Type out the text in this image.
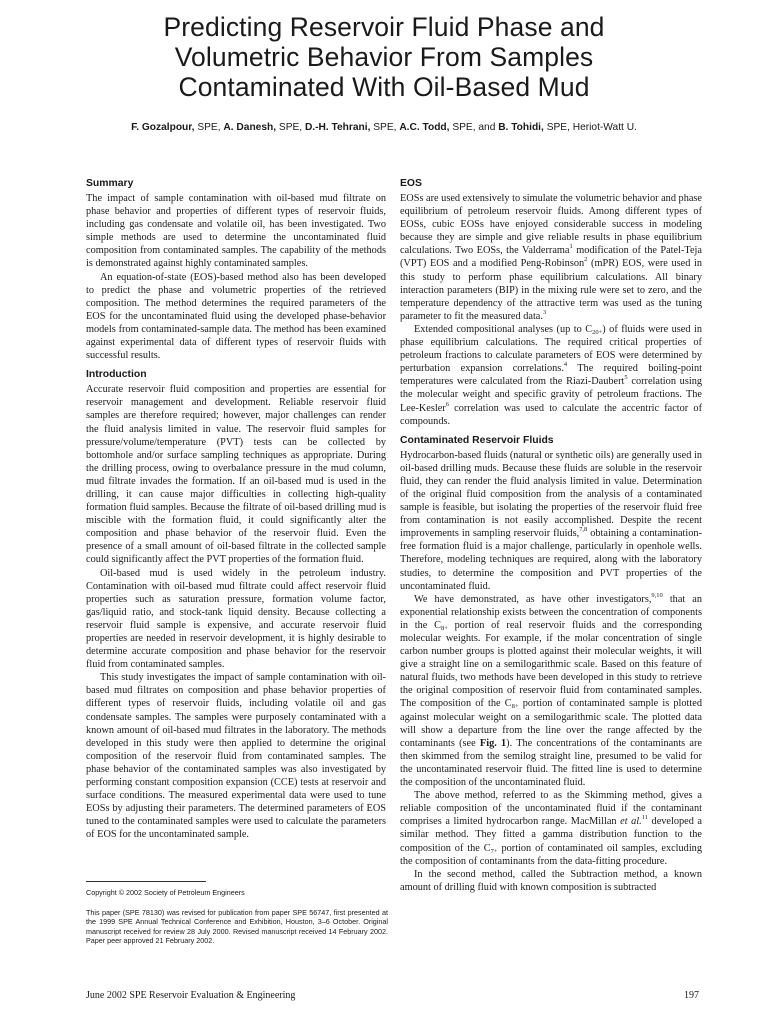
Predicting Reservoir Fluid Phase and
Volumetric Behavior From Samples
Contaminated With Oil-Based Mud
F. Gozalpour, SPE, A. Danesh, SPE, D.-H. Tehrani, SPE, A.C. Todd, SPE, and B. Tohidi, SPE, Heriot-Watt U.
Summary

The impact of sample contamination with oil-based mud filtrate on phase behavior and properties of different types of reservoir fluids, including gas condensate and volatile oil, has been investigated. Two simple methods are used to determine the uncontaminated fluid composition from contaminated samples. The capability of the methods is demonstrated against highly contaminated samples.

An equation-of-state (EOS)-based method also has been developed to predict the phase and volumetric properties of the retrieved composition. The method determines the required parameters of the EOS for the uncontaminated fluid using the developed phase-behavior models from contaminated-sample data. The method has been examined against experimental data of different types of reservoir fluids with successful results.

Introduction

Accurate reservoir fluid composition and properties are essential for reservoir management and development. Reliable reservoir fluid samples are therefore required; however, major challenges can render the fluid analysis limited in value. The reservoir fluid samples for pressure/volume/temperature (PVT) tests can be collected by bottomhole and/or surface sampling techniques as appropriate. During the drilling process, owing to overbalance pressure in the mud column, mud filtrate invades the formation. If an oil-based mud is used in the drilling, it can cause major difficulties in collecting high-quality formation fluid samples. Because the filtrate of oil-based drilling mud is miscible with the formation fluid, it could significantly alter the composition and phase behavior of the reservoir fluid. Even the presence of a small amount of oil-based filtrate in the collected sample could significantly affect the PVT properties of the formation fluid.

Oil-based mud is used widely in the petroleum industry. Contamination with oil-based mud filtrate could affect reservoir fluid properties such as saturation pressure, formation volume factor, gas/liquid ratio, and stock-tank liquid density. Because collecting a reservoir fluid sample is expensive, and accurate reservoir fluid properties are needed in reservoir development, it is highly desirable to determine accurate composition and phase behavior for the reservoir fluid from contaminated samples.

This study investigates the impact of sample contamination with oil-based mud filtrates on composition and phase behavior properties of different types of reservoir fluids, including volatile oil and gas condensate samples. The samples were purposely contaminated with a known amount of oil-based mud filtrates in the laboratory. The methods developed in this study were then applied to determine the original composition of the reservoir fluid from contaminated samples. The phase behavior of the contaminated samples was also investigated by performing constant composition expansion (CCE) tests at reservoir and surface conditions. The measured experimental data were used to tune EOSs by adjusting their parameters. The determined parameters of EOS tuned to the contaminated samples were used to calculate the parameters of EOS for the uncontaminated sample.

EOS

EOSs are used extensively to simulate the volumetric behavior and phase equilibrium of petroleum reservoir fluids. Among different types of EOSs, cubic EOSs have enjoyed considerable success in modeling because they are simple and give reliable results in phase equilibrium calculations. Two EOSs, the Valderrama$^1$ modification of the Patel-Teja (VPT) EOS and a modified Peng-Robinson$^2$ (mPR) EOS, were used in this study to perform phase equilibrium calculations. All binary interaction parameters (BIP) in the mixing rule were set to zero, and the temperature dependency of the attractive term was used as the tuning parameter to fit the measured data.$^3$

Extended compositional analyses (up to $C_{20+}$) of fluids were used in phase equilibrium calculations. The required critical properties of petroleum fractions to calculate parameters of EOS were determined by perturbation expansion correlations.$^4$ The required boiling-point temperatures were calculated from the Riazi-Daubert$^5$ correlation using the molecular weight and specific gravity of petroleum fractions. The Lee-Kesler$^6$ correlation was used to calculate the accentric factor of compounds.

Contaminated Reservoir Fluids

Hydrocarbon-based fluids (natural or synthetic oils) are generally used in oil-based drilling muds. Because these fluids are soluble in the reservoir fluid, they can render the fluid analysis limited in value. Determination of the original fluid composition from the analysis of a contaminated sample is feasible, but isolating the properties of the reservoir fluid free from contamination is not easily accomplished. Despite the recent improvements in sampling reservoir fluids,$^{7,8}$ obtaining a contamination-free formation fluid is a major challenge, particularly in openhole wells. Therefore, modeling techniques are required, along with the laboratory studies, to determine the composition and PVT properties of the uncontaminated fluid.

We have demonstrated, as have other investigators,$^{9,10}$ that an exponential relationship exists between the concentration of components in the $C_{8+}$ portion of real reservoir fluids and the corresponding molecular weights. For example, if the molar concentration of single carbon number groups is plotted against their molecular weights, it will give a straight line on a semilogarithmic scale. Based on this feature of natural fluids, two methods have been developed in this study to retrieve the original composition of reservoir fluid from contaminated samples. The composition of the $C_{8+}$ portion of contaminated sample is plotted against molecular weight on a semilogarithmic scale. The plotted data will show a departure from the line over the range affected by the contaminants (see Fig. 1). The concentrations of the contaminants are then skimmed from the semilog straight line, presumed to be valid for the uncontaminated reservoir fluid. The fitted line is used to determine the composition of the uncontaminated fluid.

The above method, referred to as the Skimming method, gives a reliable composition of the uncontaminated fluid if the contaminant comprises a limited hydrocarbon range. MacMillan et al.$^{11}$ developed a similar method. They fitted a gamma distribution function to the composition of the $C_{7+}$ portion of contaminated oil samples, excluding the composition of contaminants from the data-fitting procedure.

In the second method, called the Subtraction method, a known amount of drilling fluid with known composition is subtracted

Copyright © 2002 Society of Petroleum Engineers
This paper (SPE 78130) was revised for publication from paper SPE 56747, first presented at the 1999 SPE Annual Technical Conference and Exhibition, Houston, 3–6 October. Original manuscript received for review 28 July 2000. Revised manuscript received 14 February 2002. Paper peer approved 21 February 2002.
June 2002 SPE Reservoir Evaluation & Engineering	197
